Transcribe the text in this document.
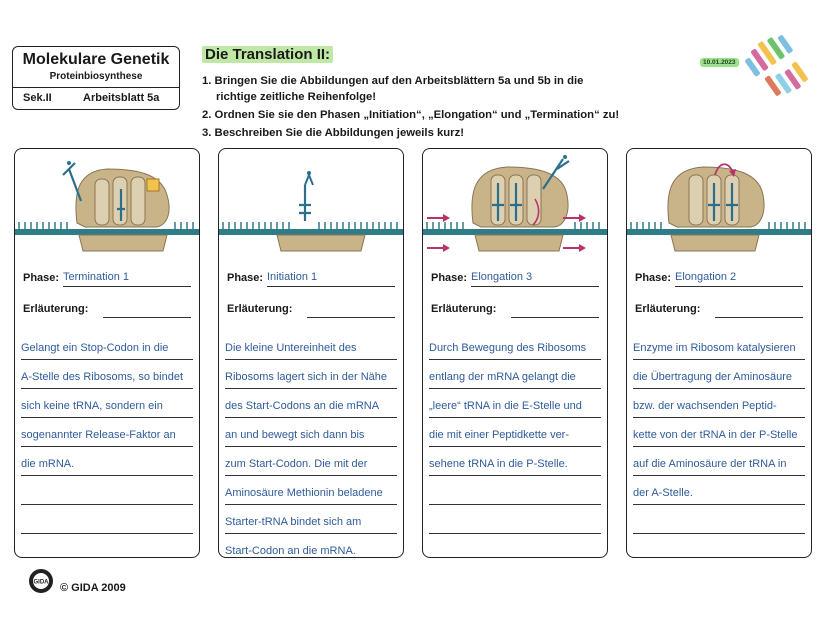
Molekulare Genetik
Proteinbiosynthese
Sek.II	Arbeitsblatt 5a
Die Translation II:	10.01.2023
1. Bringen Sie die Abbildungen auf den Arbeitsblättern 5a und 5b in die
richtige zeitliche Reihenfolge!
2. Ordnen Sie sie den Phasen „Initiation“, „Elongation“ und „Termination“ zu!
3. Beschreiben Sie die Abbildungen jeweils kurz!
Phase: Termination 1
Erläuterung:
Gelangt ein Stop-Codon in die
A-Stelle des Ribosoms, so bindet
sich keine tRNA, sondern ein
sogenannter Release-Faktor an
die mRNA.
Phase: Initiation 1
Erläuterung:
Die kleine Untereinheit des
Ribosoms lagert sich in der Nähe
des Start-Codons an die mRNA
an und bewegt sich dann bis
zum Start-Codon. Die mit der
Aminosäure Methionin beladene
Starter-tRNA bindet sich am
Start-Codon an die mRNA.
Phase: Elongation 3
Erläuterung:
Durch Bewegung des Ribosoms
entlang der mRNA gelangt die
„leere“ tRNA in die E-Stelle und
die mit einer Peptidkette ver-
sehene tRNA in die P-Stelle.
Phase: Elongation 2
Erläuterung:
Enzyme im Ribosom katalysieren
die Übertragung der Aminosäure
bzw. der wachsenden Peptid-
kette von der tRNA in der P-Stelle
auf die Aminosäure der tRNA in
der A-Stelle.
GIDA © GIDA 2009
